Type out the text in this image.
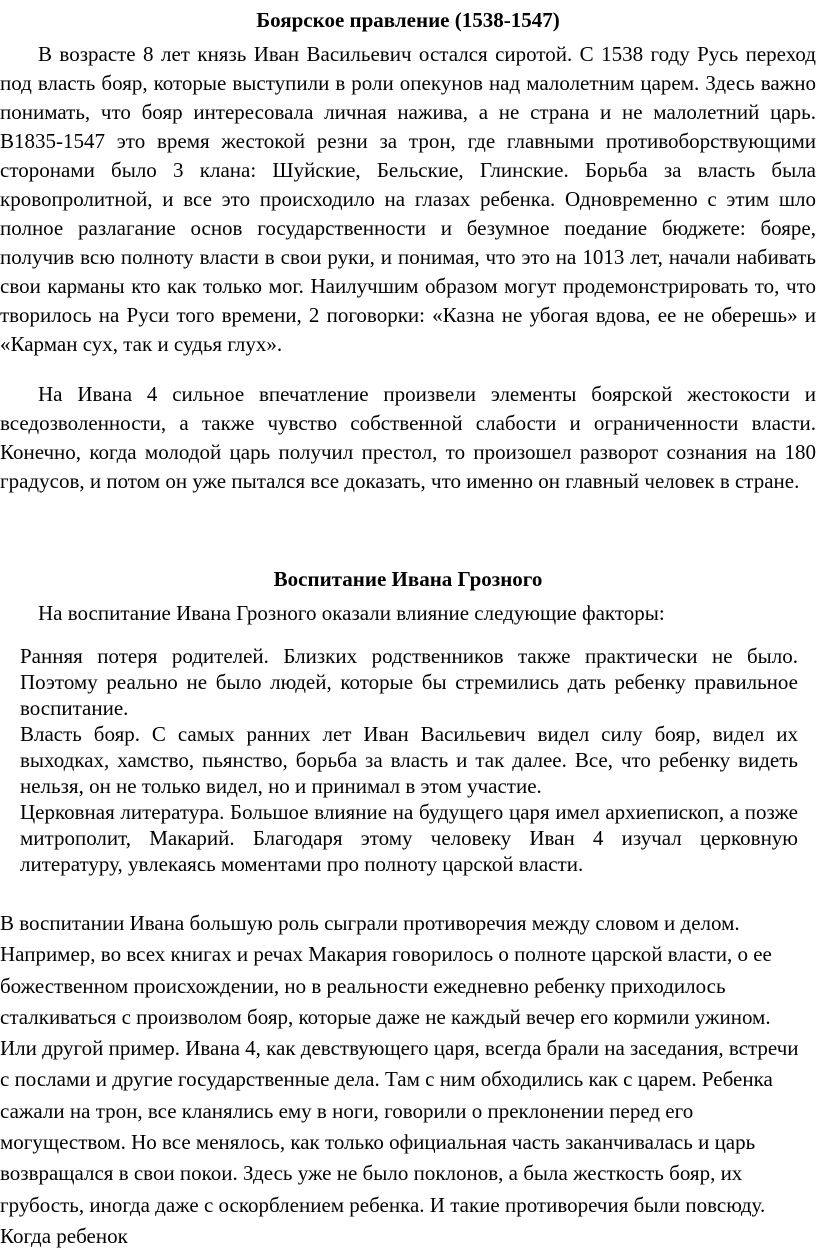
Боярское правление (1538-1547)

В возрасте 8 лет князь Иван Васильевич остался сиротой. С 1538 году Русь переход под власть бояр, которые выступили в роли опекунов над малолетним царем. Здесь важно понимать, что бояр интересовала личная нажива, а не страна и не малолетний царь. В1835-1547 это время жестокой резни за трон, где главными противоборствующими сторонами было 3 клана: Шуйские, Бельские, Глинские. Борьба за власть была кровопролитной, и все это происходило на глазах ребенка. Одновременно с этим шло полное разлагание основ государственности и безумное поедание бюджете: бояре, получив всю полноту власти в свои руки, и понимая, что это на 1013 лет, начали набивать свои карманы кто как только мог. Наилучшим образом могут продемонстрировать то, что творилось на Руси того времени, 2 поговорки: «Казна не убогая вдова, ее не оберешь» и «Карман сух, так и судья глух».

На Ивана 4 сильное впечатление произвели элементы боярской жестокости и вседозволенности, а также чувство собственной слабости и ограниченности власти. Конечно, когда молодой царь получил престол, то произошел разворот сознания на 180 градусов, и потом он уже пытался все доказать, что именно он главный человек в стране.

Воспитание Ивана Грозного

На воспитание Ивана Грозного оказали влияние следующие факторы:

Ранняя потеря родителей. Близких родственников также практически не было. Поэтому реально не было людей, которые бы стремились дать ребенку правильное воспитание.
Власть бояр. С самых ранних лет Иван Васильевич видел силу бояр, видел их выходках, хамство, пьянство, борьба за власть и так далее. Все, что ребенку видеть нельзя, он не только видел, но и принимал в этом участие.
Церковная литература. Большое влияние на будущего царя имел архиепископ, а позже митрополит, Макарий. Благодаря этому человеку Иван 4 изучал церковную литературу, увлекаясь моментами про полноту царской власти.

В воспитании Ивана большую роль сыграли противоречия между словом и делом. Например, во всех книгах и речах Макария говорилось о полноте царской власти, о ее божественном происхождении, но в реальности ежедневно ребенку приходилось сталкиваться с произволом бояр, которые даже не каждый вечер его кормили ужином. Или другой пример. Ивана 4, как девствующего царя, всегда брали на заседания, встречи с послами и другие государственные дела. Там с ним обходились как с царем. Ребенка сажали на трон, все кланялись ему в ноги, говорили о преклонении перед его могуществом. Но все менялось, как только официальная часть заканчивалась и царь возвращался в свои покои. Здесь уже не было поклонов, а была жесткость бояр, их грубость, иногда даже с оскорблением ребенка. И такие противоречия были повсюду. Когда ребенок
